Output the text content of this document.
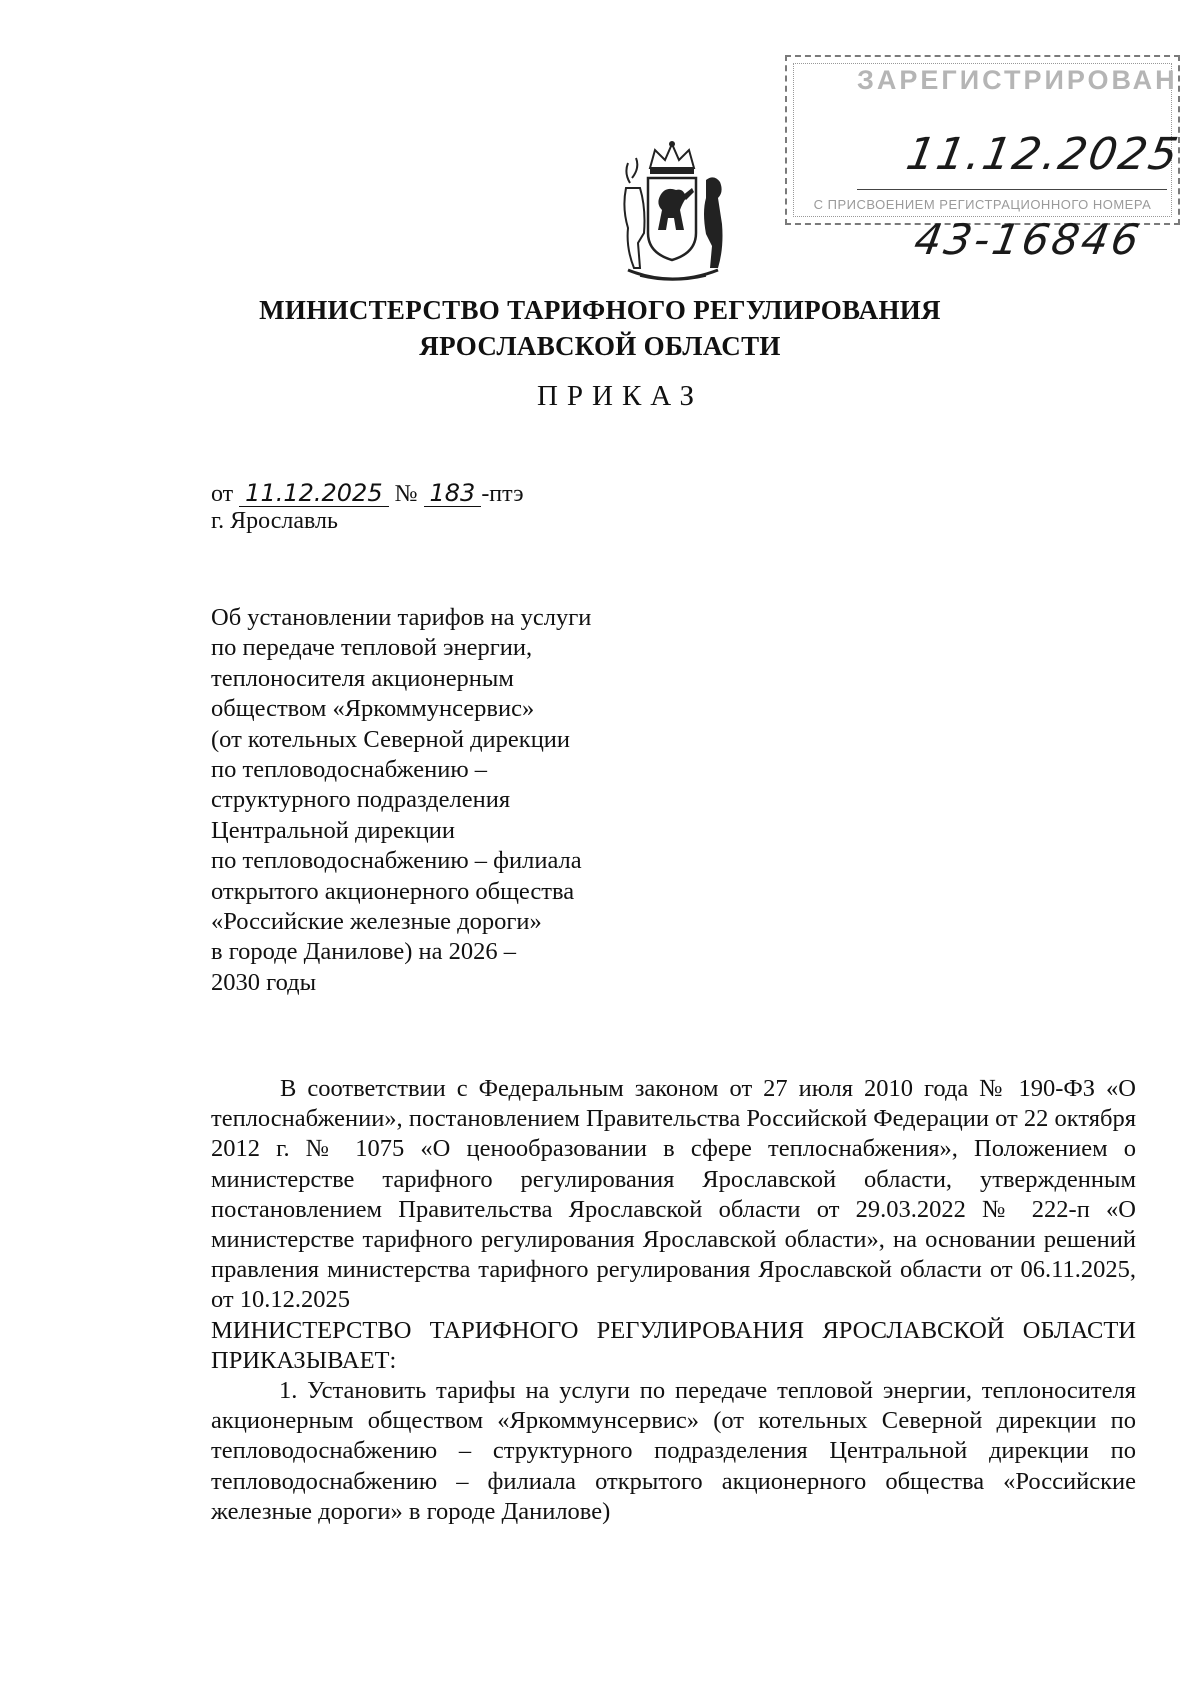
ЗАРЕГИСТРИРОВАН
11.12.2025
С ПРИСВОЕНИЕМ РЕГИСТРАЦИОННОГО НОМЕРА
43-16846
МИНИСТЕРСТВО ТАРИФНОГО РЕГУЛИРОВАНИЯ
ЯРОСЛАВСКОЙ ОБЛАСТИ
ПРИКАЗ
от 11.12.2025 № 183 -птэ
г. Ярославль
Об установлении тарифов на услуги
по передаче тепловой энергии,
теплоносителя акционерным
обществом «Яркоммунсервис»
(от котельных Северной дирекции
по тепловодоснабжению –
структурного подразделения
Центральной дирекции
по тепловодоснабжению – филиала
открытого акционерного общества
«Российские железные дороги»
в городе Данилове) на 2026 –
2030 годы

В соответствии с Федеральным законом от 27 июля 2010 года № 190-ФЗ «О теплоснабжении», постановлением Правительства Российской Федерации от 22 октября 2012 г. № 1075 «О ценообразовании в сфере теплоснабжения», Положением о министерстве тарифного регулирования Ярославской области, утвержденным постановлением Правительства Ярославской области от 29.03.2022 № 222-п «О министерстве тарифного регулирования Ярославской области», на основании решений правления министерства тарифного регулирования Ярославской области от 06.11.2025, от 10.12.2025

МИНИСТЕРСТВО ТАРИФНОГО РЕГУЛИРОВАНИЯ ЯРОСЛАВСКОЙ ОБЛАСТИ ПРИКАЗЫВАЕТ:

1. Установить тарифы на услуги по передаче тепловой энергии, теплоносителя акционерным обществом «Яркоммунсервис» (от котельных Северной дирекции по тепловодоснабжению – структурного подразделения Центральной дирекции по тепловодоснабжению – филиала открытого акционерного общества «Российские железные дороги» в городе Данилове)
